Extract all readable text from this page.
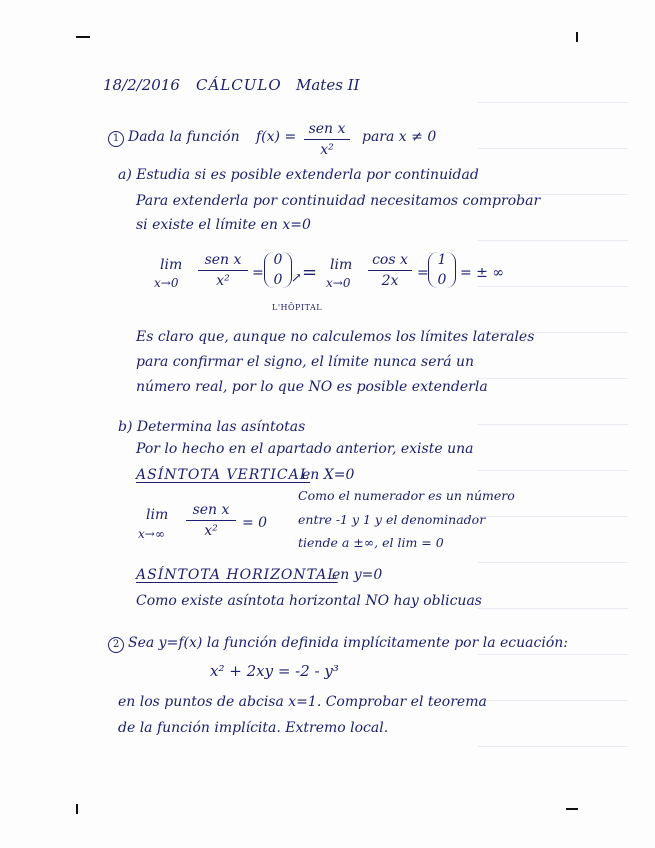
18/2/2016 CÁLCULO Mates II
1 Dada la función f(x) = sen x
x²
para x ≠ 0
a) Estudia si es posible extenderla por continuidad
Para extenderla por continuidad necesitamos comprobar
si existe el límite en x=0
lim
x→0
sen x
x² =
0
0 ↗ = lim
x→0
cos x
2x =
1
0 = ± ∞
L'HÔPITAL
Es claro que, aunque no calculemos los límites laterales
para confirmar el signo, el límite nunca será un
número real, por lo que NO es posible extenderla
b) Determina las asíntotas
Por lo hecho en el apartado anterior, existe una
ASÍNTOTA VERTICAL
en X=0
lim
x→∞
sen x
x² = 0
Como el numerador es un número
entre -1 y 1 y el denominador
tiende a ±∞, el lim = 0
ASÍNTOTA HORIZONTAL
en y=0
Como existe asíntota horizontal NO hay oblicuas
2 Sea y=f(x) la función definida implícitamente por la ecuación:
x² + 2xy = -2 - y³
en los puntos de abcisa x=1. Comprobar el teorema
de la función implícita. Extremo local.
